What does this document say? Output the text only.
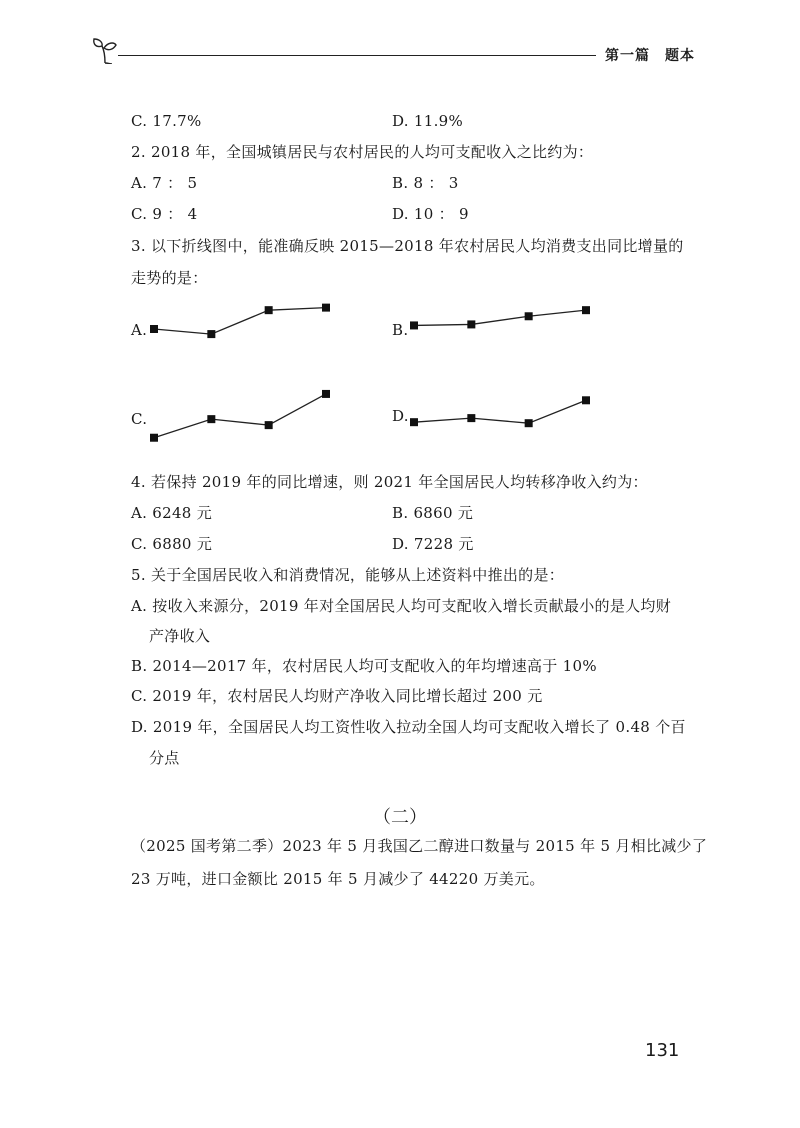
第一篇　题本
C. 17.7%	D. 11.9%
2. 2018 年，全国城镇居民与农村居民的人均可支配收入之比约为：
A. 7 ： 5	B. 8 ： 3
C. 9 ： 4	D. 10 ： 9
3. 以下折线图中，能准确反映 2015—2018 年农村居民人均消费支出同比增量的
走势的是：
A.	B.
C.	D.
4. 若保持 2019 年的同比增速，则 2021 年全国居民人均转移净收入约为：
A. 6248 元	B. 6860 元
C. 6880 元	D. 7228 元
5. 关于全国居民收入和消费情况，能够从上述资料中推出的是：
A. 按收入来源分，2019 年对全国居民人均可支配收入增长贡献最小的是人均财
产净收入
B. 2014—2017 年，农村居民人均可支配收入的年均增速高于 10%
C. 2019 年，农村居民人均财产净收入同比增长超过 200 元
D. 2019 年，全国居民人均工资性收入拉动全国人均可支配收入增长了 0.48 个百
分点
（二）
（2025 国考第二季）2023 年 5 月我国乙二醇进口数量与 2015 年 5 月相比减少了
23 万吨，进口金额比 2015 年 5 月减少了 44220 万美元。
131
